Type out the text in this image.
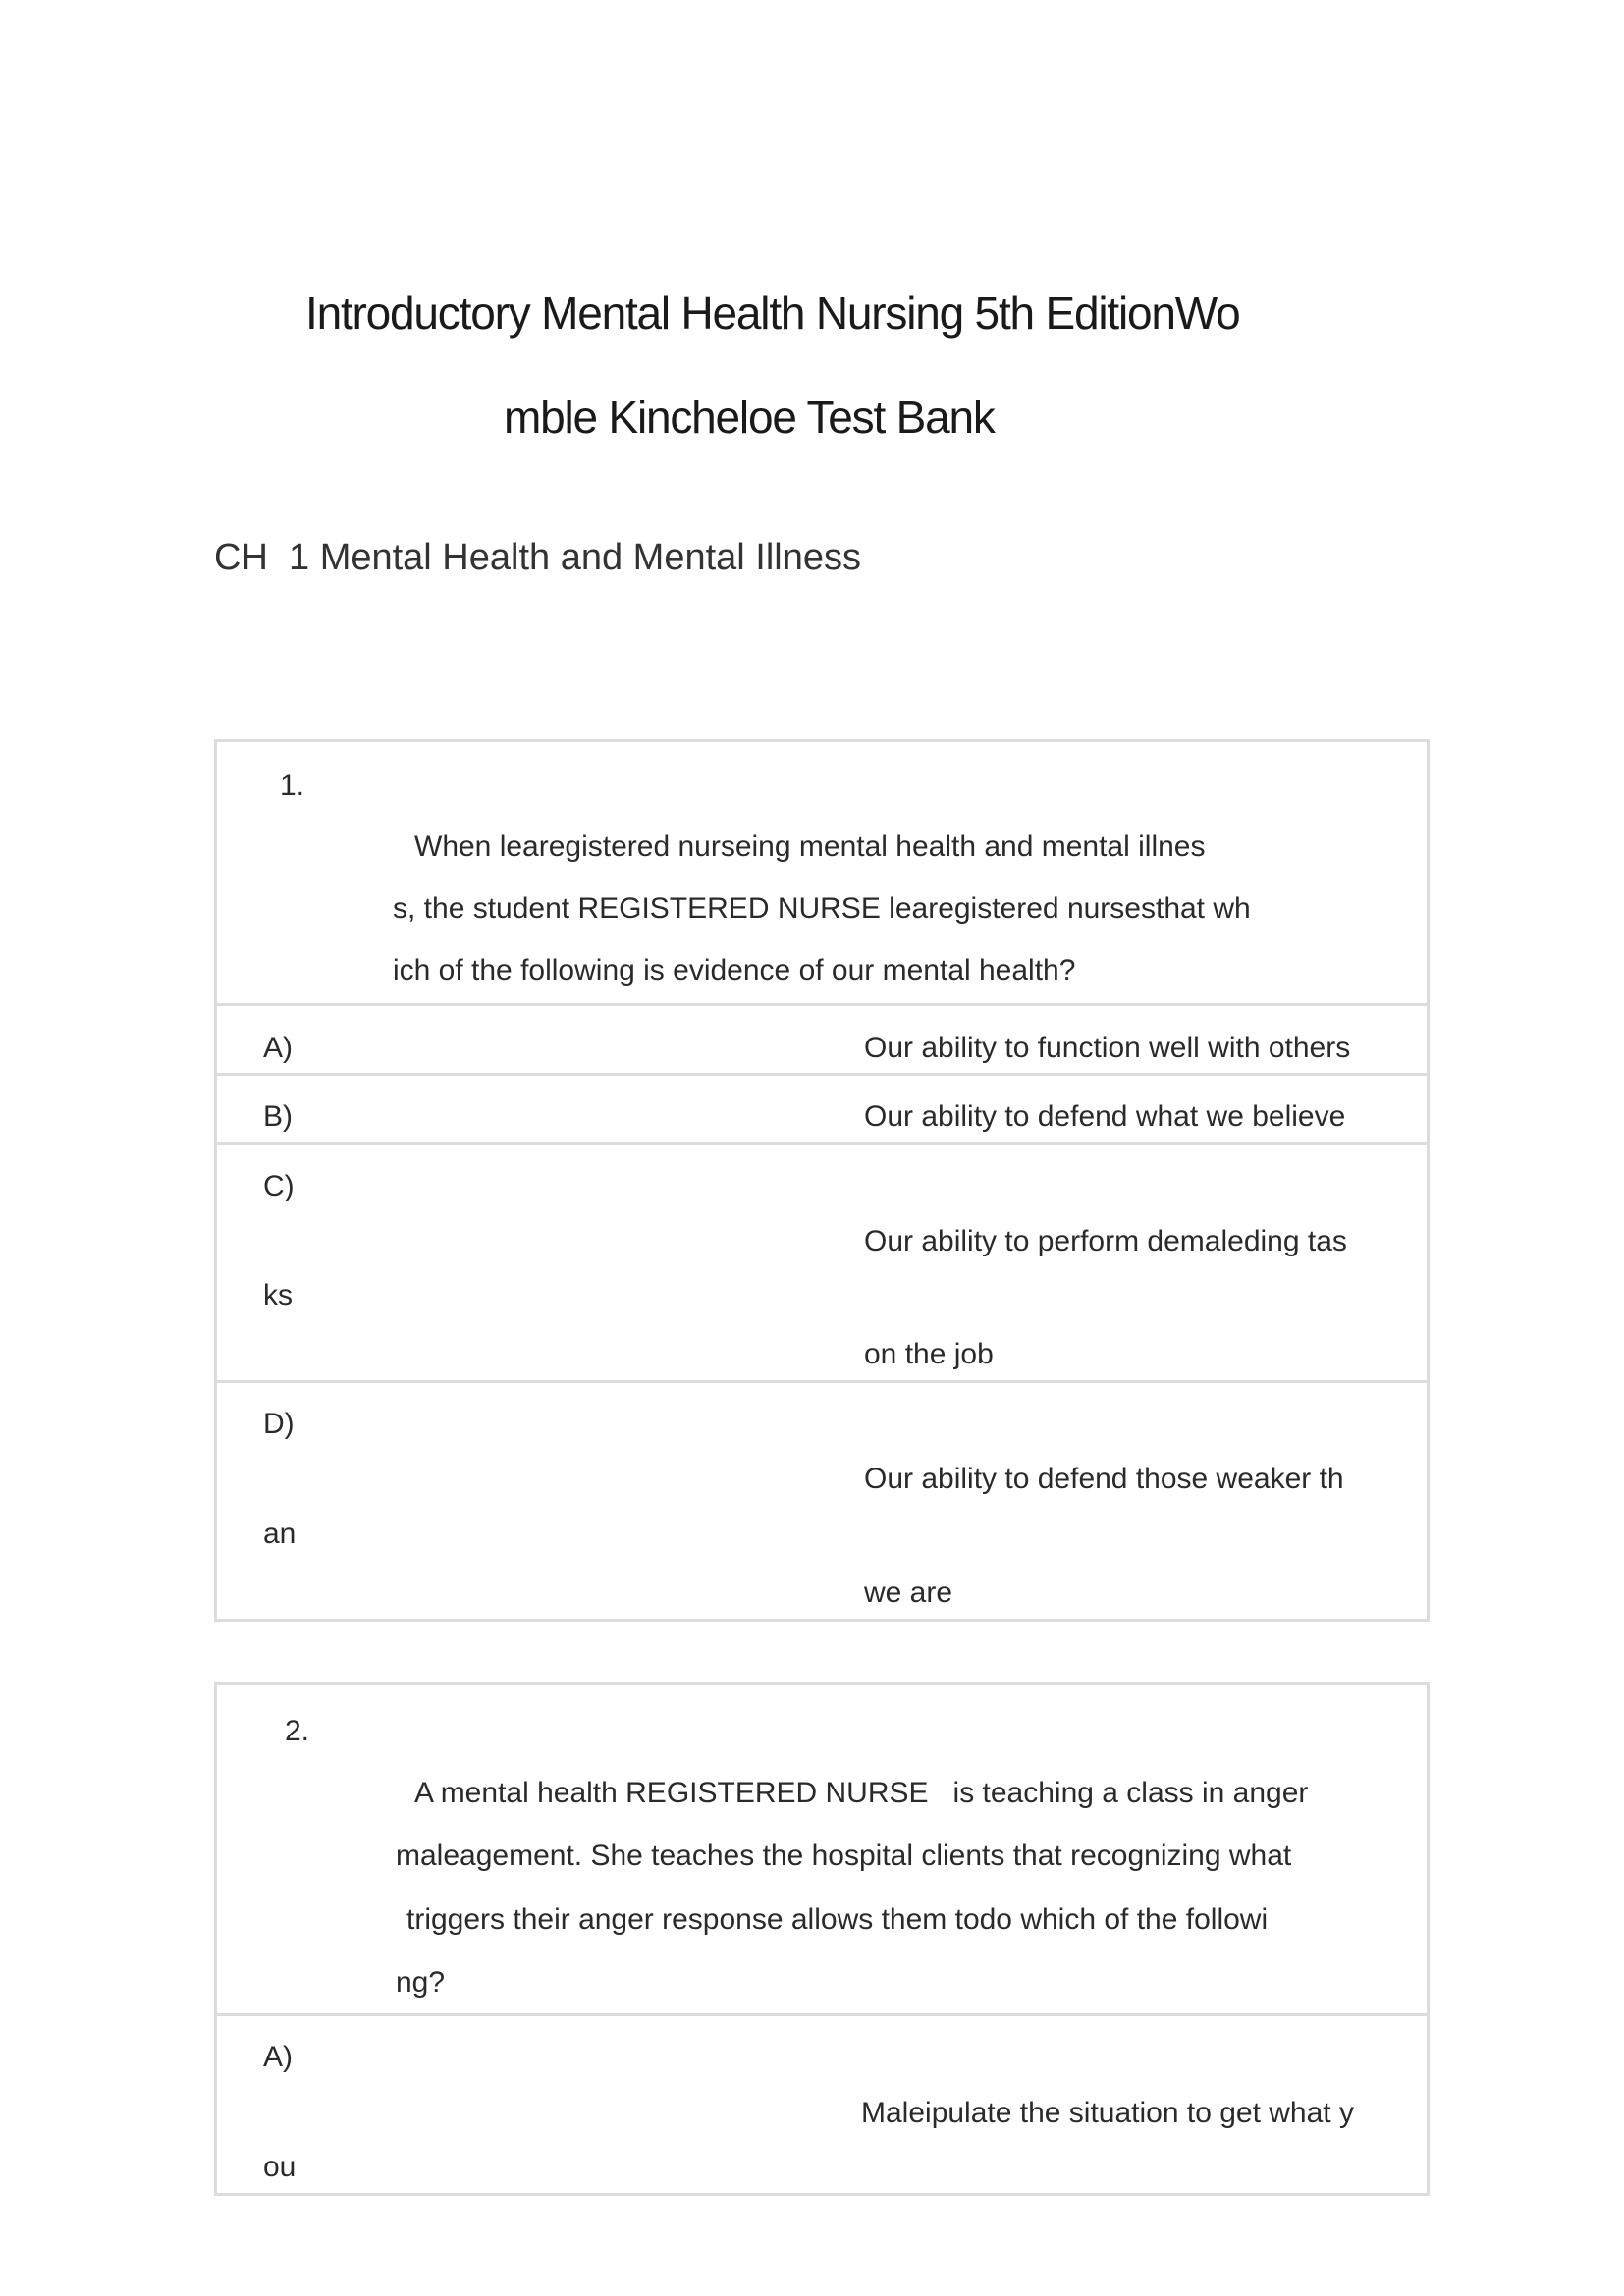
Introductory Mental Health Nursing 5th EditionWo
mble Kincheloe Test Bank
CH  1 Mental Health and Mental Illness
1.
When learegistered nurseing mental health and mental illnes
s, the student REGISTERED NURSE learegistered nursesthat wh
ich of the following is evidence of our mental health?
A)	Our ability to function well with others
B)	Our ability to defend what we believe
C)
Our ability to perform demaleding tas
ks
on the job
D)
Our ability to defend those weaker th
an
we are
2.
A mental health REGISTERED NURSE   is teaching a class in anger
maleagement. She teaches the hospital clients that recognizing what
triggers their anger response allows them todo which of the followi
ng?
A)
Maleipulate the situation to get what y
ou
